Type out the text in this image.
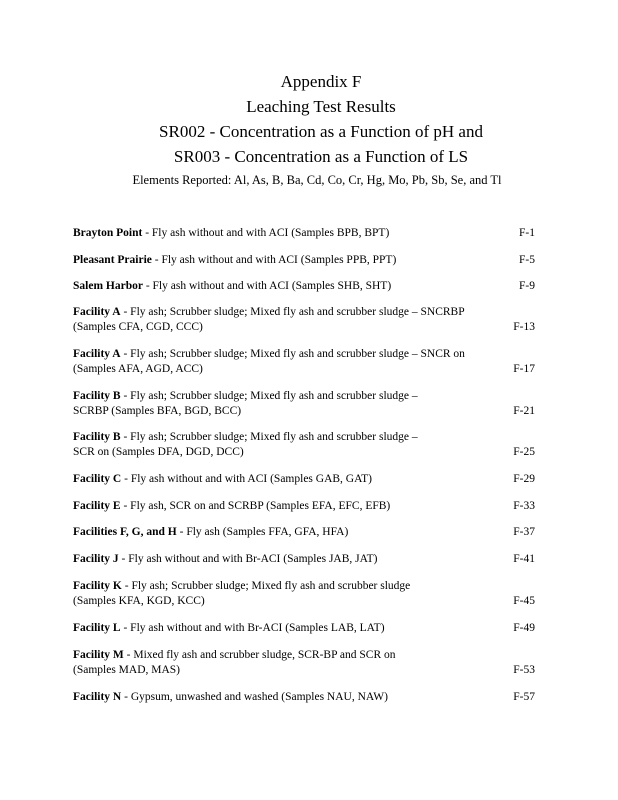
Appendix F
Leaching Test Results
SR002 - Concentration as a Function of pH and
SR003 - Concentration as a Function of LS
Elements Reported: Al, As, B, Ba, Cd, Co, Cr, Hg, Mo, Pb, Sb, Se, and Tl
Brayton Point - Fly ash without and with ACI (Samples BPB, BPT)	F-1
Pleasant Prairie - Fly ash without and with ACI (Samples PPB, PPT)	F-5
Salem Harbor - Fly ash without and with ACI (Samples SHB, SHT)	F-9
Facility A - Fly ash; Scrubber sludge; Mixed fly ash and scrubber sludge – SNCRBP
(Samples CFA, CGD, CCC)	F-13
Facility A - Fly ash; Scrubber sludge; Mixed fly ash and scrubber sludge – SNCR on
(Samples AFA, AGD, ACC)	F-17
Facility B - Fly ash; Scrubber sludge; Mixed fly ash and scrubber sludge –
SCRBP (Samples BFA, BGD, BCC)	F-21
Facility B - Fly ash; Scrubber sludge; Mixed fly ash and scrubber sludge –
SCR on (Samples DFA, DGD, DCC)	F-25
Facility C - Fly ash without and with ACI (Samples GAB, GAT)	F-29
Facility E - Fly ash, SCR on and SCRBP (Samples EFA, EFC, EFB)	F-33
Facilities F, G, and H - Fly ash (Samples FFA, GFA, HFA)	F-37
Facility J - Fly ash without and with Br-ACI (Samples JAB, JAT)	F-41
Facility K - Fly ash; Scrubber sludge; Mixed fly ash and scrubber sludge
(Samples KFA, KGD, KCC)	F-45
Facility L - Fly ash without and with Br-ACI (Samples LAB, LAT)	F-49
Facility M - Mixed fly ash and scrubber sludge, SCR-BP and SCR on
(Samples MAD, MAS)	F-53
Facility N - Gypsum, unwashed and washed (Samples NAU, NAW)	F-57
